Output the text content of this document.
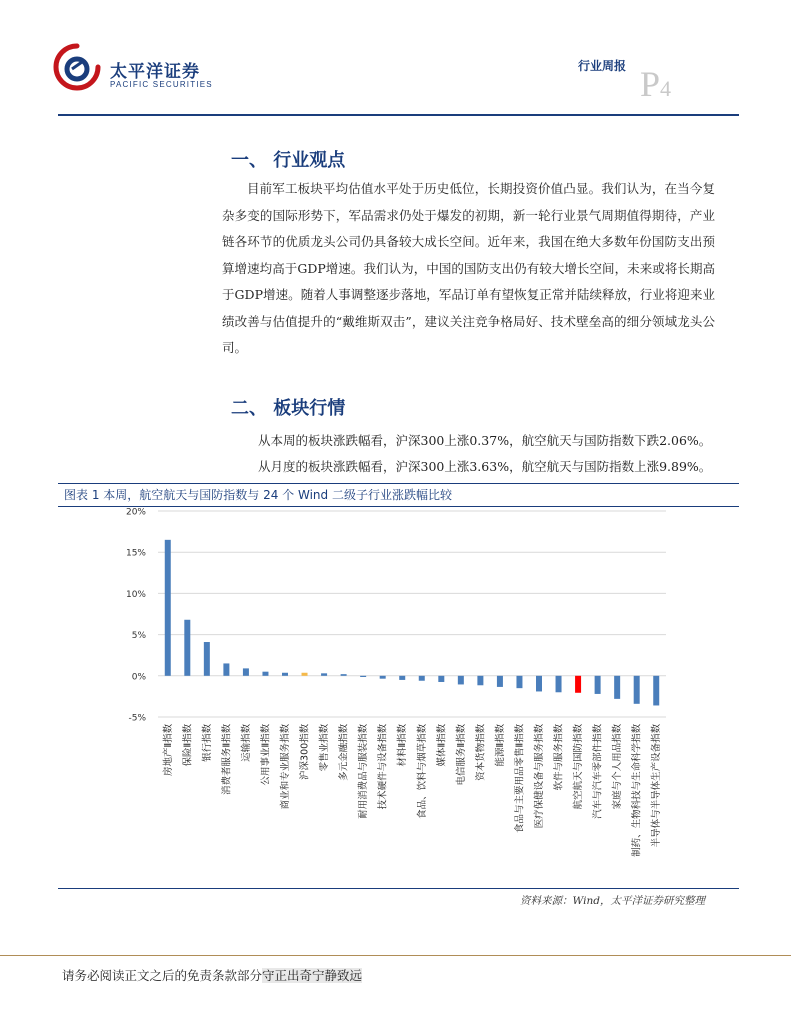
太平洋证券
PACIFIC SECURITIES
行业周报 P4
一、 行业观点
目前军工板块平均估值水平处于历史低位，长期投资价值凸显。我们认为，在当今复杂多变的国际形势下，军品需求仍处于爆发的初期，新一轮行业景气周期值得期待，产业链各环节的优质龙头公司仍具备较大成长空间。近年来，我国在绝大多数年份国防支出预算增速均高于GDP增速。我们认为，中国的国防支出仍有较大增长空间，未来或将长期高于GDP增速。随着人事调整逐步落地，军品订单有望恢复正常并陆续释放，行业将迎来业绩改善与估值提升的“戴维斯双击”，建议关注竞争格局好、技术壁垒高的细分领域龙头公司。
二、 板块行情
从本周的板块涨跌幅看，沪深300上涨0.37%，航空航天与国防指数下跌2.06%。
从月度的板块涨跌幅看，沪深300上涨3.63%，航空航天与国防指数上涨9.89%。
图表 1 本周，航空航天与国防指数与 24 个 Wind 二级子行业涨跌幅比较
20%
15%
10%
5%
0%
-5%
房地产Ⅱ指数 保险Ⅱ指数 银行指数 消费者服务Ⅱ指数 运输指数 公用事业Ⅱ指数 商业和专业服务指数 沪深300指数 零售业指数 多元金融指数 耐用消费品与服装指数 技术硬件与设备指数 材料Ⅱ指数 食品、饮料与烟草指数 媒体Ⅱ指数 电信服务Ⅱ指数 资本货物指数 能源Ⅱ指数 食品与主要用品零售Ⅱ指数 医疗保健设备与服务指数 软件与服务指数 航空航天与国防指数 汽车与汽车零部件指数 家庭与个人用品指数 制药、生物科技与生命科学指数 半导体与半导体生产设备指数
资料来源：Wind，太平洋证券研究整理
请务必阅读正文之后的免责条款部分守正出奇宁静致远
